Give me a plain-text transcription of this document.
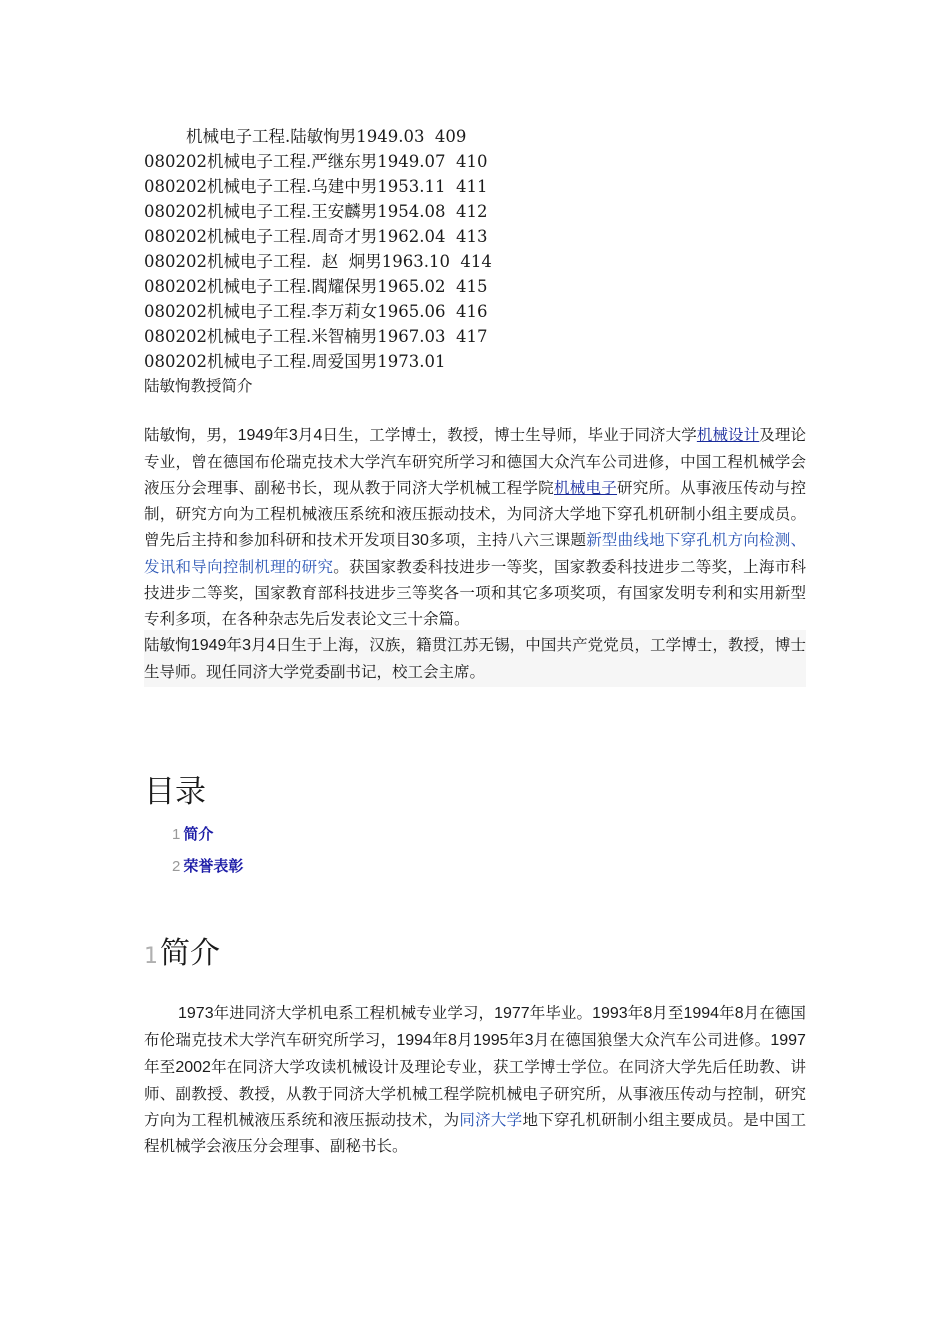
机械电子工程.陆敏恂男1949.03  409
080202机械电子工程.严继东男1949.07  410
080202机械电子工程.乌建中男1953.11  411
080202机械电子工程.王安麟男1954.08  412
080202机械电子工程.周奇才男1962.04  413
080202机械电子工程.  赵  炯男1963.10  414
080202机械电子工程.閻耀保男1965.02  415
080202机械电子工程.李万莉女1965.06  416
080202机械电子工程.米智楠男1967.03  417
080202机械电子工程.周爱国男1973.01
陆敏恂教授简介
陆敏恂，男，1949年3月4日生，工学博士，教授，博士生导师，毕业于同济大学机械设计及理论专业，曾在德国布伦瑞克技术大学汽车研究所学习和德国大众汽车公司进修，中国工程机械学会液压分会理事、副秘书长，现从教于同济大学机械工程学院机械电子研究所。从事液压传动与控制，研究方向为工程机械液压系统和液压振动技术，为同济大学地下穿孔机研制小组主要成员。曾先后主持和参加科研和技术开发项目30多项，主持八六三课题新型曲线地下穿孔机方向检测、发讯和导向控制机理的研究。获国家教委科技进步一等奖，国家教委科技进步二等奖，上海市科技进步二等奖，国家教育部科技进步三等奖各一项和其它多项奖项，有国家发明专利和实用新型专利多项，在各种杂志先后发表论文三十余篇。
陆敏恂1949年3月4日生于上海，汉族，籍贯江苏无锡，中国共产党党员，工学博士，教授，博士生导师。现任同济大学党委副书记，校工会主席。
目录
1 简介
2 荣誉表彰
1简介
1973年进同济大学机电系工程机械专业学习，1977年毕业。1993年8月至1994年8月在德国布伦瑞克技术大学汽车研究所学习，1994年8月1995年3月在德国狼堡大众汽车公司进修。1997年至2002年在同济大学攻读机械设计及理论专业，获工学博士学位。在同济大学先后任助教、讲师、副教授、教授，从教于同济大学机械工程学院机械电子研究所，从事液压传动与控制，研究方向为工程机械液压系统和液压振动技术，为同济大学地下穿孔机研制小组主要成员。是中国工程机械学会液压分会理事、副秘书长。
